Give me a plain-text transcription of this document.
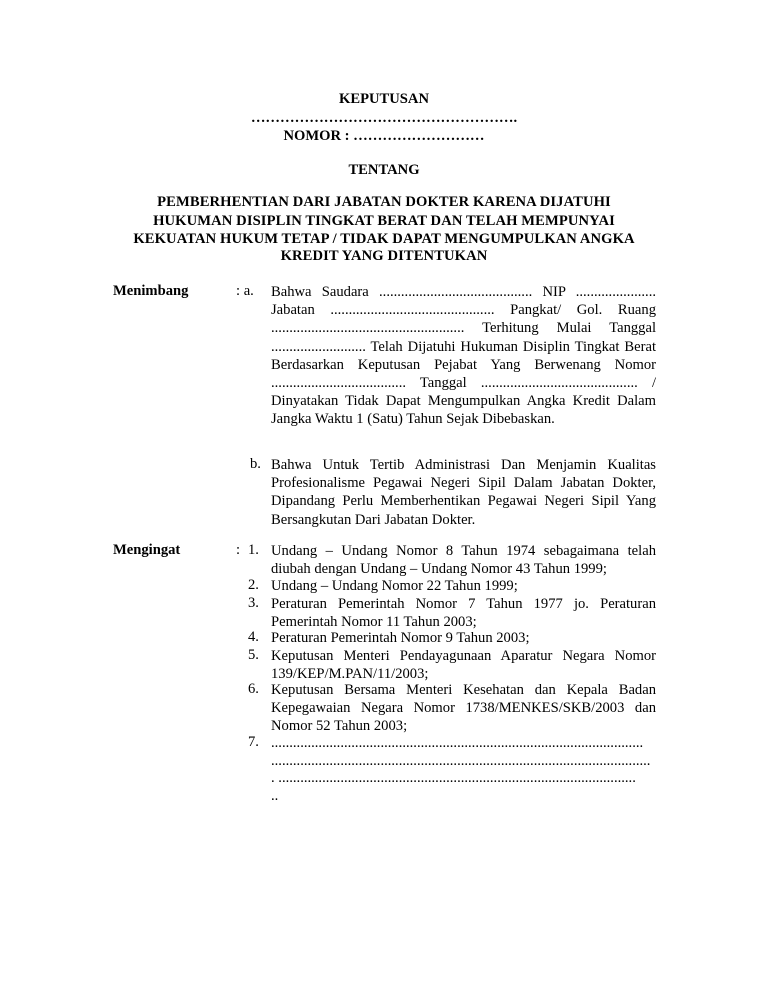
KEPUTUSAN
……………………………………………….
NOMOR : ………………………
TENTANG
PEMBERHENTIAN DARI JABATAN DOKTER KARENA DIJATUHI
HUKUMAN DISIPLIN TINGKAT BERAT DAN TELAH MEMPUNYAI
KEKUATAN HUKUM TETAP / TIDAK DAPAT MENGUMPULKAN ANGKA
KREDIT YANG DITENTUKAN
Menimbang	: a. Bahwa Saudara .......................................... NIP ...................... Jabatan ............................................. Pangkat/ Gol. Ruang ..................................................... Terhitung Mulai Tanggal .......................... Telah Dijatuhi Hukuman Disiplin Tingkat Berat Berdasarkan Keputusan Pejabat Yang Berwenang Nomor ..................................... Tanggal ........................................... / Dinyatakan Tidak Dapat Mengumpulkan Angka Kredit Dalam Jangka Waktu 1 (Satu) Tahun Sejak Dibebaskan.
b. Bahwa Untuk Tertib Administrasi Dan Menjamin Kualitas Profesionalisme Pegawai Negeri Sipil Dalam Jabatan Dokter, Dipandang Perlu Memberhentikan Pegawai Negeri Sipil Yang Bersangkutan Dari Jabatan Dokter.
Mengingat	: 1. Undang – Undang Nomor 8 Tahun 1974 sebagaimana telah diubah dengan Undang – Undang Nomor 43 Tahun 1999;
2. Undang – Undang Nomor 22 Tahun 1999;
3. Peraturan Pemerintah Nomor 7 Tahun 1977 jo. Peraturan Pemerintah Nomor 11 Tahun 2003;
4. Peraturan Pemerintah Nomor 9 Tahun 2003;
5. Keputusan Menteri Pendayagunaan Aparatur Negara Nomor 139/KEP/M.PAN/11/2003;
6. Keputusan Bersama Menteri Kesehatan dan Kepala Badan Kepegawaian Negara Nomor 1738/MENKES/SKB/2003 dan Nomor 52 Tahun 2003;
7. ......................................................................................................
........................................................................................................
. ..................................................................................................
..
